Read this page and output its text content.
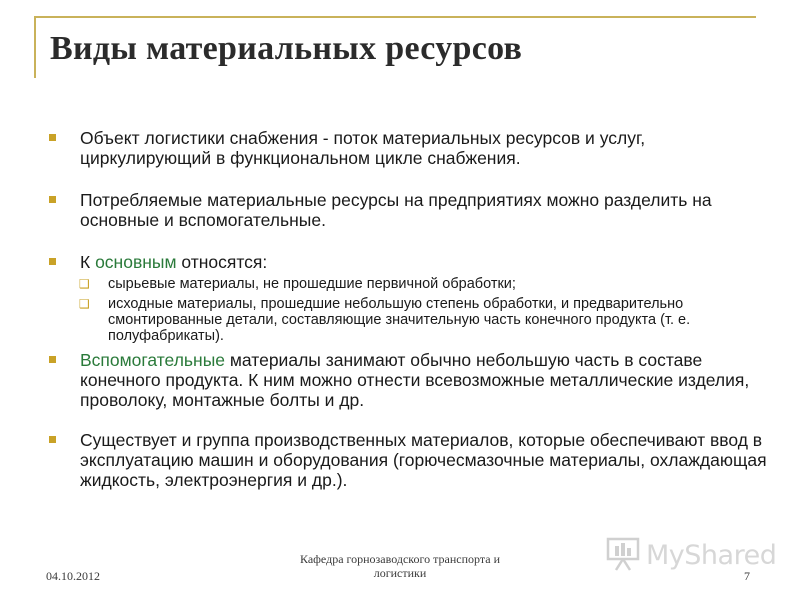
Виды материальных ресурсов
Объект логистики снабжения - поток материальных ресурсов и услуг, циркулирующий в функциональном цикле снабжения.
Потребляемые материальные ресурсы на предприятиях можно разделить на основные и вспомогательные.
К основным относятся:
❑ сырьевые материалы, не прошедшие первичной обработки;
❑ исходные материалы, прошедшие небольшую степень обработки, и предварительно смонтированные детали, составляющие значительную часть конечного продукта (т. е. полуфабрикаты).
Вспомогательные материалы занимают обычно небольшую часть в составе конечного продукта. К ним можно отнести всевозможные металлические изделия, проволоку, монтажные болты и др.
Существует и группа производственных материалов, которые обеспечивают ввод в эксплуатацию машин и оборудования (горючесмазочные материалы, охлаждающая жидкость, электроэнергия и др.).
04.10.2012
Кафедра горнозаводского транспорта и логистики	7
MyShared
